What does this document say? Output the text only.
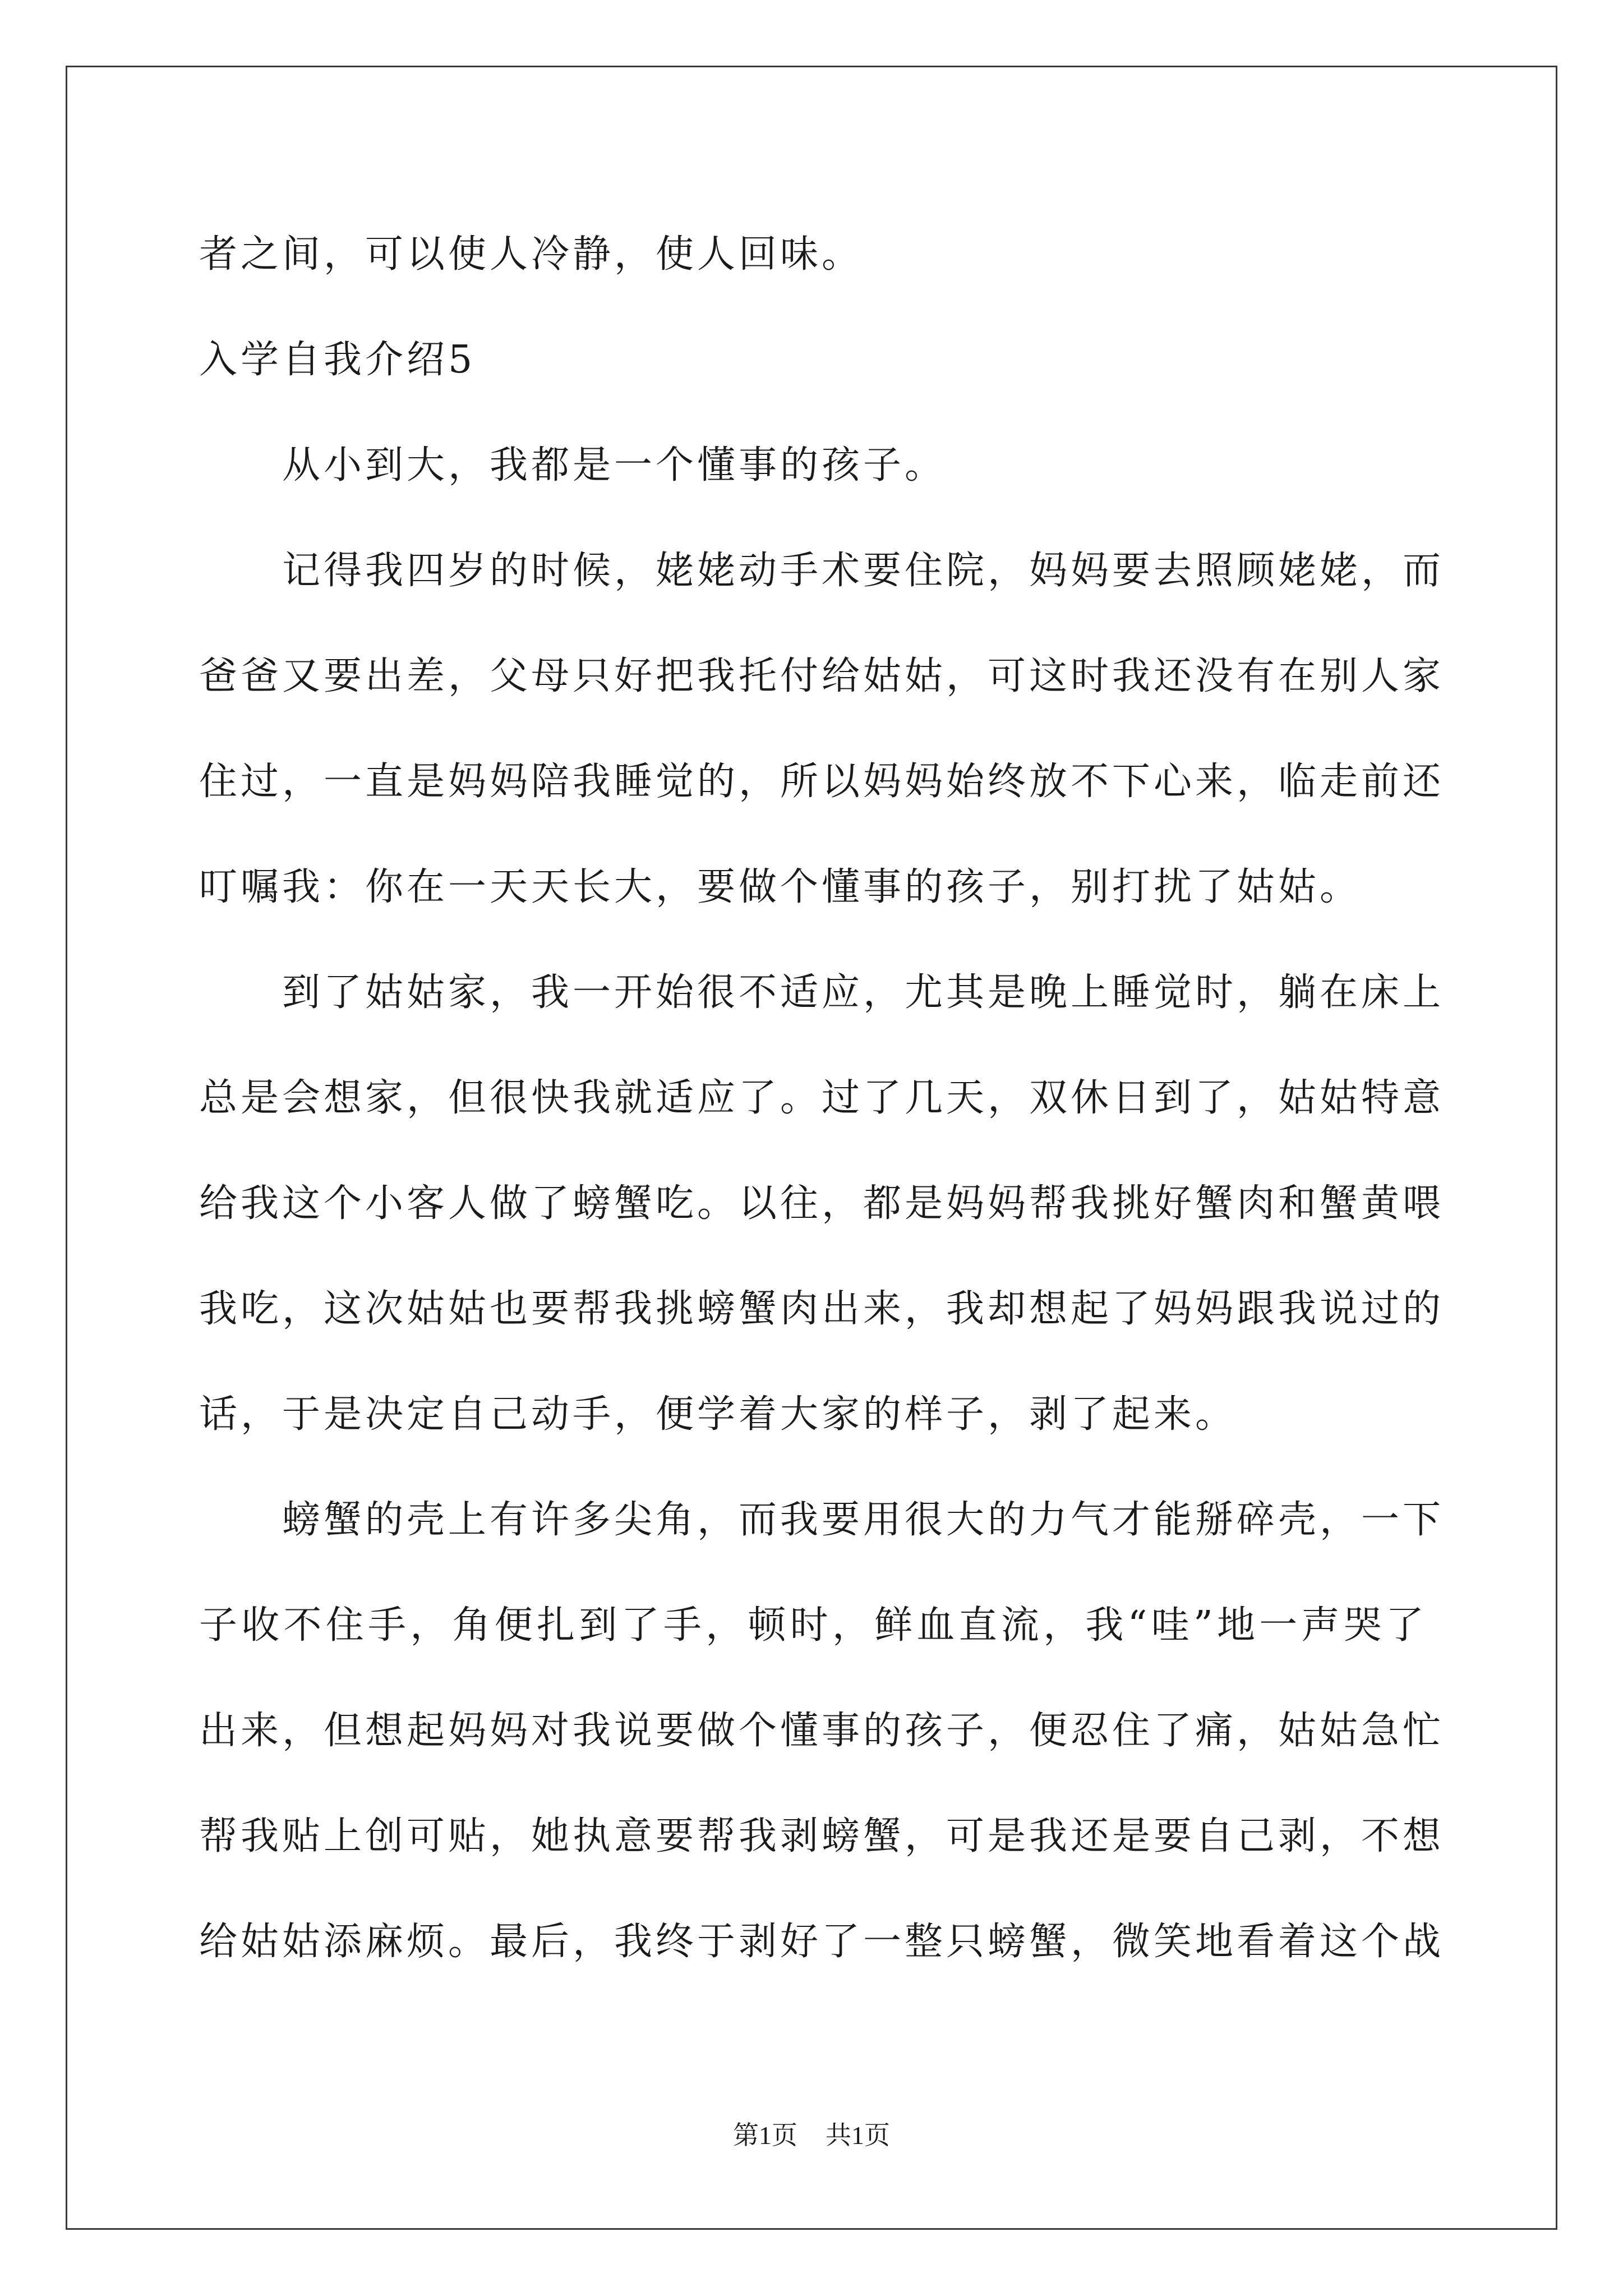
者之间，可以使人冷静，使人回味。
入学自我介绍5
从小到大，我都是一个懂事的孩子。
记得我四岁的时候，姥姥动手术要住院，妈妈要去照顾姥姥，而
爸爸又要出差，父母只好把我托付给姑姑，可这时我还没有在别人家
住过，一直是妈妈陪我睡觉的，所以妈妈始终放不下心来，临走前还
叮嘱我：你在一天天长大，要做个懂事的孩子，别打扰了姑姑。
到了姑姑家，我一开始很不适应，尤其是晚上睡觉时，躺在床上
总是会想家，但很快我就适应了。过了几天，双休日到了，姑姑特意
给我这个小客人做了螃蟹吃。以往，都是妈妈帮我挑好蟹肉和蟹黄喂
我吃，这次姑姑也要帮我挑螃蟹肉出来，我却想起了妈妈跟我说过的
话，于是决定自己动手，便学着大家的样子，剥了起来。
螃蟹的壳上有许多尖角，而我要用很大的力气才能掰碎壳，一下
子收不住手，角便扎到了手，顿时，鲜血直流，我“哇”地一声哭了
出来，但想起妈妈对我说要做个懂事的孩子，便忍住了痛，姑姑急忙
帮我贴上创可贴，她执意要帮我剥螃蟹，可是我还是要自己剥，不想
给姑姑添麻烦。最后，我终于剥好了一整只螃蟹，微笑地看着这个战
第1页 共1页
